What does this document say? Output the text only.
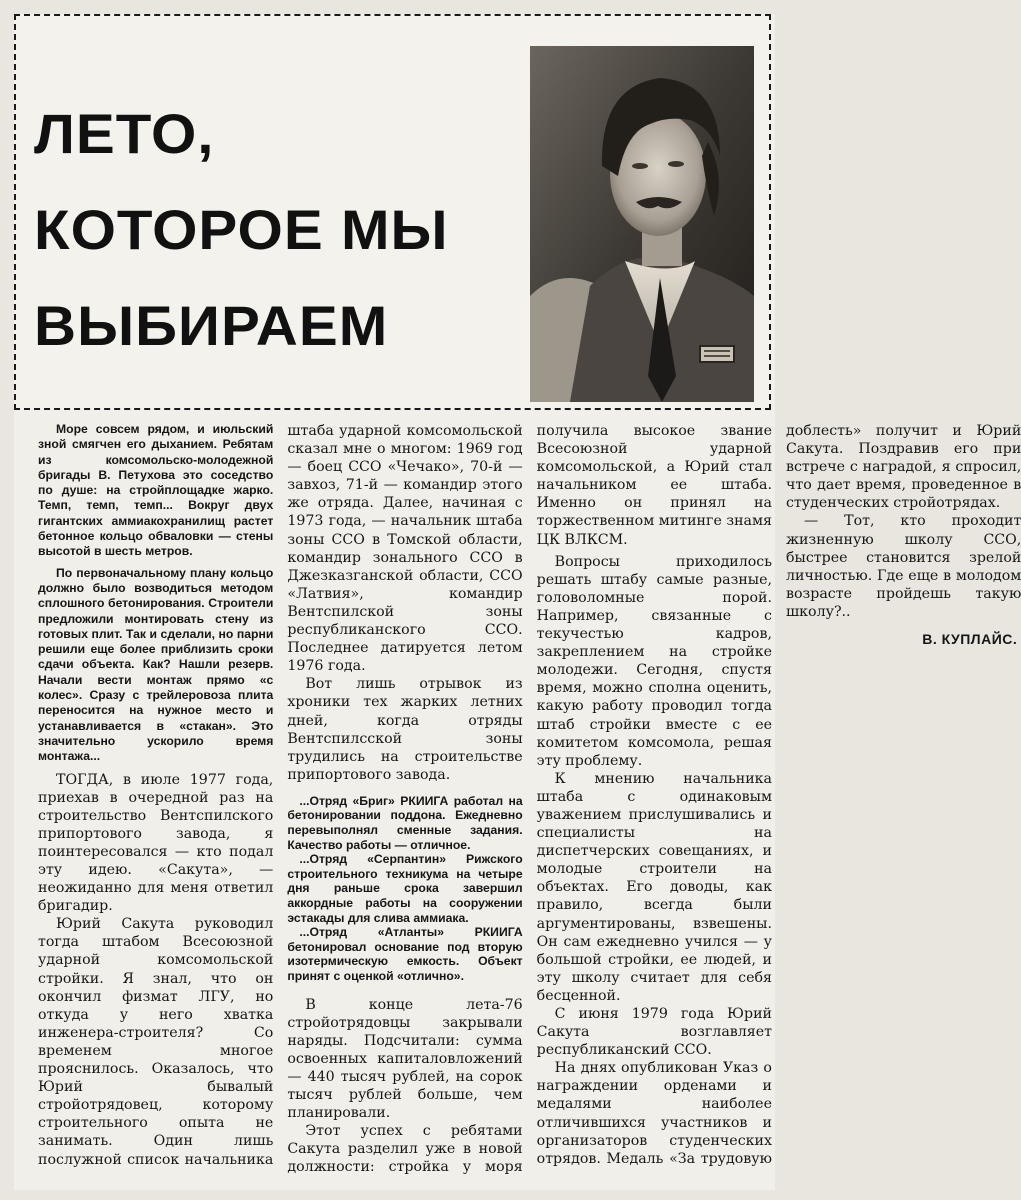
ЛЕТО,
КОТОРОЕ МЫ
ВЫБИРАЕМ

Море совсем рядом, и июльский зной смягчен его дыханием. Ребятам из комсомольско-молодежной бригады В. Петухова это соседство по душе: на стройплощадке жарко. Темп, темп, темп... Вокруг двух гигантских аммиакохранилищ растет бетонное кольцо обваловки — стены высотой в шесть метров.

По первоначальному плану кольцо должно было возводиться методом сплошного бетонирования. Строители предложили монтировать стену из готовых плит. Так и сделали, но парни решили еще более приблизить сроки сдачи объекта. Как? Нашли резерв. Начали вести монтаж прямо «с колес». Сразу с трейлеровоза плита переносится на нужное место и устанавливается в «стакан». Это значительно ускорило время монтажа...

ТОГДА, в июле 1977 года, приехав в очередной раз на строительство Вентспилского припортового завода, я поинтересовался — кто подал эту идею. «Сакута», — неожиданно для меня ответил бригадир.

Юрий Сакута руководил тогда штабом Всесоюзной ударной комсомольской стройки. Я знал, что он окончил физмат ЛГУ, но откуда у него хватка инженера-строителя? Со временем многое прояснилось. Оказалось, что Юрий бывалый стройотрядовец, которому строительного опыта не занимать. Один лишь послужной список начальника штаба ударной комсомольской сказал мне о многом: 1969 год — боец ССО «Чечако», 70-й — завхоз, 71-й — командир этого же отряда. Далее, начиная с 1973 года, — начальник штаба зоны ССО в Томской области, командир зонального ССО в Джезказганской области, ССО «Латвия», командир Вентспилской зоны республиканского ССО. Последнее датируется летом 1976 года.

Вот лишь отрывок из хроники тех жарких летних дней, когда отряды Вентспилсской зоны трудились на строительстве припортового завода.

...Отряд «Бриг» РКИИГА работал на бетонировании поддона. Ежедневно перевыполнял сменные задания. Качество работы — отличное.

...Отряд «Серпантин» Рижского строительного техникума на четыре дня раньше срока завершил аккордные работы на сооружении эстакады для слива аммиака.

...Отряд «Атланты» РКИИГА бетонировал основание под вторую изотермическую емкость. Объект принят с оценкой «отлично».

В конце лета-76 стройотрядовцы закрывали наряды. Подсчитали: сумма освоенных капиталовложений — 440 тысяч рублей, на сорок тысяч рублей больше, чем планировали.

Этот успех с ребятами Сакута разделил уже в новой должности: стройка у моря получила высокое звание Всесоюзной ударной комсомольской, а Юрий стал начальником ее штаба. Именно он принял на торжественном митинге знамя ЦК ВЛКСМ.

Вопросы приходилось решать штабу самые разные, головоломные порой. Например, связанные с текучестью кадров, закреплением на стройке молодежи. Сегодня, спустя время, можно сполна оценить, какую работу проводил тогда штаб стройки вместе с ее комитетом комсомола, решая эту проблему.

К мнению начальника штаба с одинаковым уважением прислушивались и специалисты на диспетчерских совещаниях, и молодые строители на объектах. Его доводы, как правило, всегда были аргументированы, взвешены. Он сам ежедневно учился — у большой стройки, ее людей, и эту школу считает для себя бесценной.

С июня 1979 года Юрий Сакута возглавляет республиканский ССО.

На днях опубликован Указ о награждении орденами и медалями наиболее отличившихся участников и организаторов студенческих отрядов. Медаль «За трудовую доблесть» получит и Юрий Сакута. Поздравив его при встрече с наградой, я спросил, что дает время, проведенное в студенческих стройотрядах.

— Тот, кто проходит жизненную школу ССО, быстрее становится зрелой личностью. Где еще в молодом возрасте пройдешь такую школу?..

В. КУПЛАЙС.
